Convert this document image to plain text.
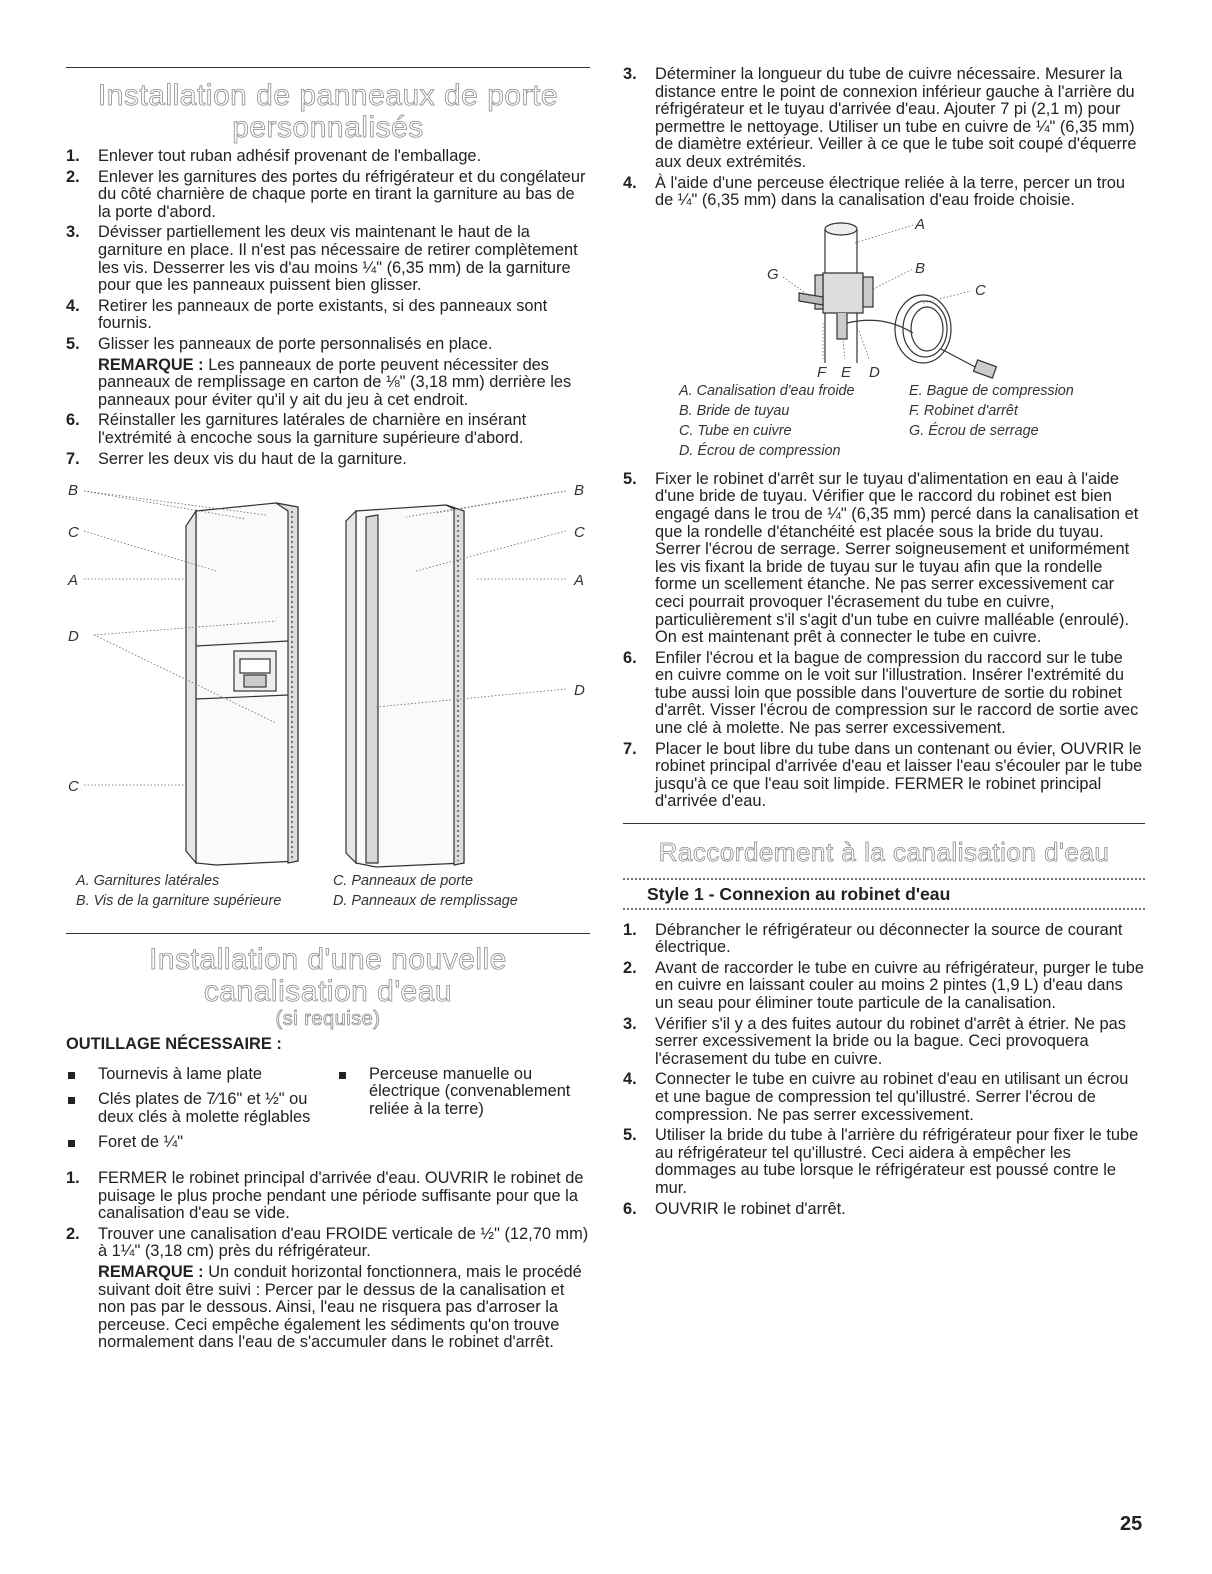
Installation de panneaux de porte
personnalisés
1. Enlever tout ruban adhésif provenant de l'emballage.
2. Enlever les garnitures des portes du réfrigérateur et du congélateur du côté charnière de chaque porte en tirant la garniture au bas de la porte d'abord.
3. Dévisser partiellement les deux vis maintenant le haut de la garniture en place. Il n'est pas nécessaire de retirer complètement les vis. Desserrer les vis d'au moins ¼" (6,35 mm) de la garniture pour que les panneaux puissent bien glisser.
4. Retirer les panneaux de porte existants, si des panneaux sont fournis.
5. Glisser les panneaux de porte personnalisés en place.
REMARQUE : Les panneaux de porte peuvent nécessiter des panneaux de remplissage en carton de ⅛" (3,18 mm) derrière les panneaux pour éviter qu'il y ait du jeu à cet endroit.
6. Réinstaller les garnitures latérales de charnière en insérant l'extrémité à encoche sous la garniture supérieure d'abord.
7. Serrer les deux vis du haut de la garniture.
B	B
C	C
A	A
D
D
C
A. Garnitures latérales	C. Panneaux de porte
B. Vis de la garniture supérieure	D. Panneaux de remplissage
Installation d'une nouvelle
canalisation d'eau
(si requise)
OUTILLAGE NÉCESSAIRE :
Tournevis à lame plate
Clés plates de 7⁄16" et ½" ou deux clés à molette réglables
Foret de ¼"
Perceuse manuelle ou électrique (convenablement reliée à la terre)
1. FERMER le robinet principal d'arrivée d'eau. OUVRIR le robinet de puisage le plus proche pendant une période suffisante pour que la canalisation d'eau se vide.
2. Trouver une canalisation d'eau FROIDE verticale de ½" (12,70 mm) à 1¼" (3,18 cm) près du réfrigérateur.
REMARQUE : Un conduit horizontal fonctionnera, mais le procédé suivant doit être suivi : Percer par le dessus de la canalisation et non pas par le dessous. Ainsi, l'eau ne risquera pas d'arroser la perceuse. Ceci empêche également les sédiments qu'on trouve normalement dans l'eau de s'accumuler dans le robinet d'arrêt.
3. Déterminer la longueur du tube de cuivre nécessaire. Mesurer la distance entre le point de connexion inférieur gauche à l'arrière du réfrigérateur et le tuyau d'arrivée d'eau. Ajouter 7 pi (2,1 m) pour permettre le nettoyage. Utiliser un tube en cuivre de ¼" (6,35 mm) de diamètre extérieur. Veiller à ce que le tube soit coupé d'équerre aux deux extrémités.
4. À l'aide d'une perceuse électrique reliée à la terre, percer un trou de ¼" (6,35 mm) dans la canalisation d'eau froide choisie.
A
B
C
G
F E D
A. Canalisation d'eau froide	E. Bague de compression
B. Bride de tuyau	F. Robinet d'arrêt
C. Tube en cuivre	G. Écrou de serrage
D. Écrou de compression
5. Fixer le robinet d'arrêt sur le tuyau d'alimentation en eau à l'aide d'une bride de tuyau. Vérifier que le raccord du robinet est bien engagé dans le trou de ¼" (6,35 mm) percé dans la canalisation et que la rondelle d'étanchéité est placée sous la bride du tuyau. Serrer l'écrou de serrage. Serrer soigneusement et uniformément les vis fixant la bride de tuyau sur le tuyau afin que la rondelle forme un scellement étanche. Ne pas serrer excessivement car ceci pourrait provoquer l'écrasement du tube en cuivre, particulièrement s'il s'agit d'un tube en cuivre malléable (enroulé). On est maintenant prêt à connecter le tube en cuivre.
6. Enfiler l'écrou et la bague de compression du raccord sur le tube en cuivre comme on le voit sur l'illustration. Insérer l'extrémité du tube aussi loin que possible dans l'ouverture de sortie du robinet d'arrêt. Visser l'écrou de compression sur le raccord de sortie avec une clé à molette. Ne pas serrer excessivement.
7. Placer le bout libre du tube dans un contenant ou évier, OUVRIR le robinet principal d'arrivée d'eau et laisser l'eau s'écouler par le tube jusqu'à ce que l'eau soit limpide. FERMER le robinet principal d'arrivée d'eau.
Raccordement à la canalisation d'eau
Style 1 - Connexion au robinet d'eau
1. Débrancher le réfrigérateur ou déconnecter la source de courant électrique.
2. Avant de raccorder le tube en cuivre au réfrigérateur, purger le tube en cuivre en laissant couler au moins 2 pintes (1,9 L) d'eau dans un seau pour éliminer toute particule de la canalisation.
3. Vérifier s'il y a des fuites autour du robinet d'arrêt à étrier. Ne pas serrer excessivement la bride ou la bague. Ceci provoquera l'écrasement du tube en cuivre.
4. Connecter le tube en cuivre au robinet d'eau en utilisant un écrou et une bague de compression tel qu'illustré. Serrer l'écrou de compression. Ne pas serrer excessivement.
5. Utiliser la bride du tube à l'arrière du réfrigérateur pour fixer le tube au réfrigérateur tel qu'illustré. Ceci aidera à empêcher les dommages au tube lorsque le réfrigérateur est poussé contre le mur.
6. OUVRIR le robinet d'arrêt.
25
